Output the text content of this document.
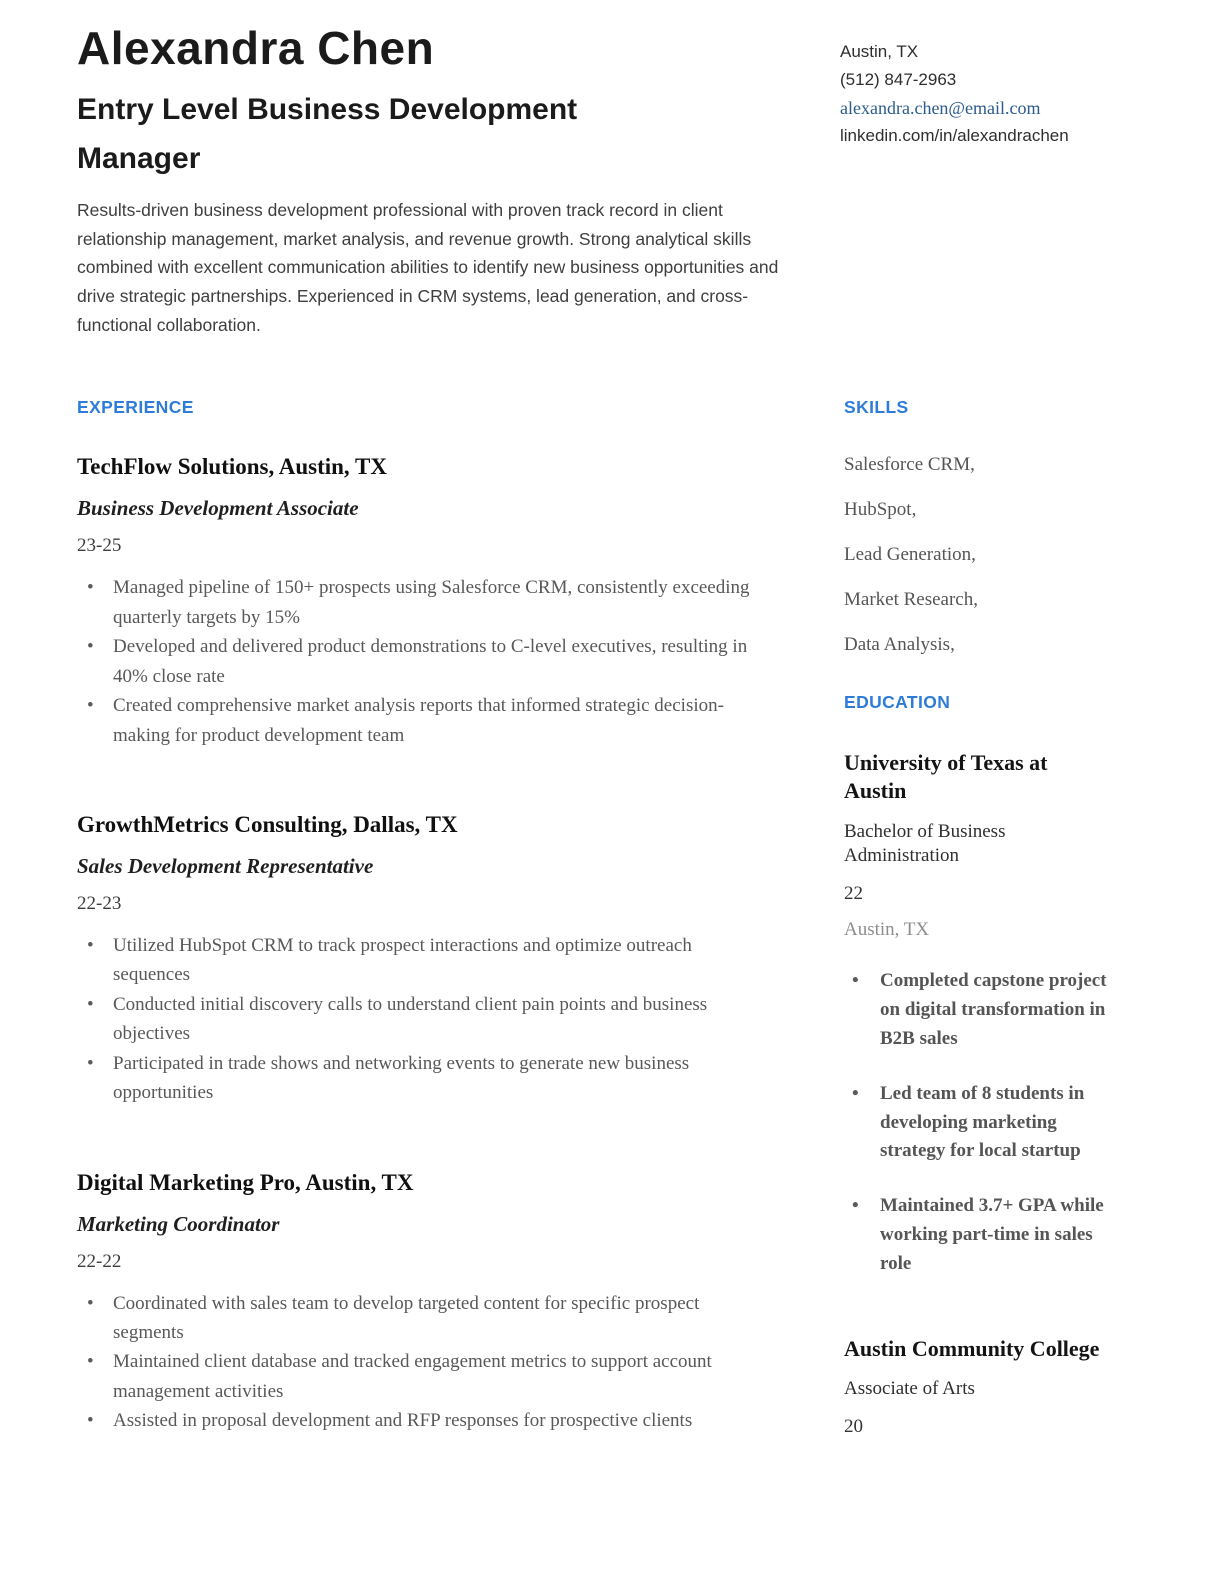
Alexandra Chen
Entry Level Business Development Manager

Results-driven business development professional with proven track record in client relationship management, market analysis, and revenue growth. Strong analytical skills combined with excellent communication abilities to identify new business opportunities and drive strategic partnerships. Experienced in CRM systems, lead generation, and cross-functional collaboration.

Austin, TX
(512) 847-2963
alexandra.chen@email.com
linkedin.com/in/alexandrachen
EXPERIENCE
TechFlow Solutions, Austin, TX
Business Development Associate
23-25
•	Managed pipeline of 150+ prospects using Salesforce CRM, consistently exceeding quarterly targets by 15%
•	Developed and delivered product demonstrations to C-level executives, resulting in 40% close rate
•	Created comprehensive market analysis reports that informed strategic decision-making for product development team
GrowthMetrics Consulting, Dallas, TX
Sales Development Representative
22-23
•	Utilized HubSpot CRM to track prospect interactions and optimize outreach sequences
•	Conducted initial discovery calls to understand client pain points and business objectives
•	Participated in trade shows and networking events to generate new business opportunities
Digital Marketing Pro, Austin, TX
Marketing Coordinator
22-22
•	Coordinated with sales team to develop targeted content for specific prospect segments
•	Maintained client database and tracked engagement metrics to support account management activities
•	Assisted in proposal development and RFP responses for prospective clients
SKILLS
Salesforce CRM,
HubSpot,
Lead Generation,
Market Research,
Data Analysis,
EDUCATION
University of Texas at Austin
Bachelor of Business Administration
22
Austin, TX
•	Completed capstone project on digital transformation in B2B sales
•	Led team of 8 students in developing marketing strategy for local startup
•	Maintained 3.7+ GPA while working part-time in sales role
Austin Community College
Associate of Arts
20
